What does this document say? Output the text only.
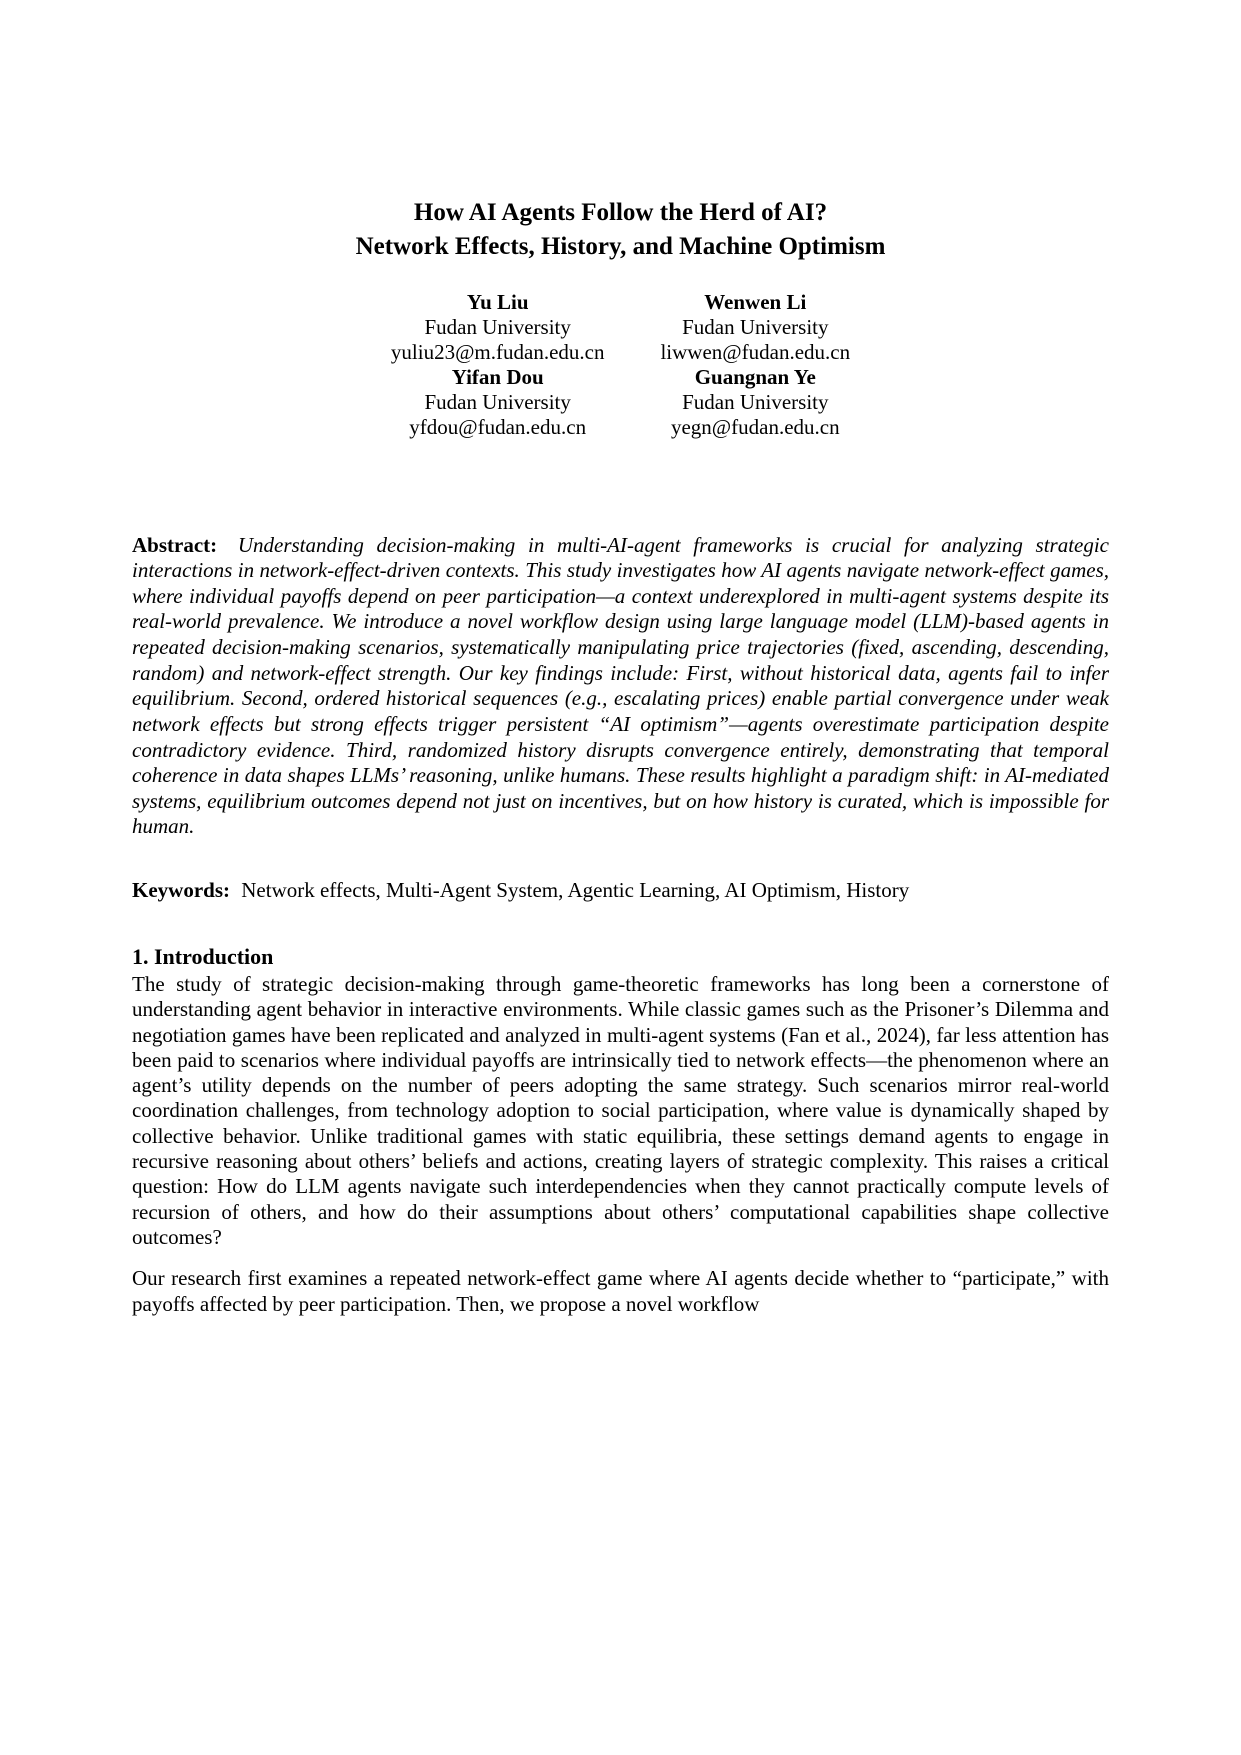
How AI Agents Follow the Herd of AI?
Network Effects, History, and Machine Optimism
Yu Liu
Fudan University
yuliu23@m.fudan.edu.cn
Yifan Dou
Fudan University
yfdou@fudan.edu.cn
Wenwen Li
Fudan University
liwwen@fudan.edu.cn
Guangnan Ye
Fudan University
yegn@fudan.edu.cn

Abstract: Understanding decision-making in multi-AI-agent frameworks is crucial for analyzing strategic interactions in network-effect-driven contexts. This study investigates how AI agents navigate network-effect games, where individual payoffs depend on peer participation—a context underexplored in multi-agent systems despite its real-world prevalence. We introduce a novel workflow design using large language model (LLM)-based agents in repeated decision-making scenarios, systematically manipulating price trajectories (fixed, ascending, descending, random) and network-effect strength. Our key findings include: First, without historical data, agents fail to infer equilibrium. Second, ordered historical sequences (e.g., escalating prices) enable partial convergence under weak network effects but strong effects trigger persistent “AI optimism”—agents overestimate participation despite contradictory evidence. Third, randomized history disrupts convergence entirely, demonstrating that temporal coherence in data shapes LLMs’ reasoning, unlike humans. These results highlight a paradigm shift: in AI-mediated systems, equilibrium outcomes depend not just on incentives, but on how history is curated, which is impossible for human.

Keywords: Network effects, Multi-Agent System, Agentic Learning, AI Optimism, History

1. Introduction

The study of strategic decision-making through game-theoretic frameworks has long been a cornerstone of understanding agent behavior in interactive environments. While classic games such as the Prisoner’s Dilemma and negotiation games have been replicated and analyzed in multi-agent systems (Fan et al., 2024), far less attention has been paid to scenarios where individual payoffs are intrinsically tied to network effects—the phenomenon where an agent’s utility depends on the number of peers adopting the same strategy. Such scenarios mirror real-world coordination challenges, from technology adoption to social participation, where value is dynamically shaped by collective behavior. Unlike traditional games with static equilibria, these settings demand agents to engage in recursive reasoning about others’ beliefs and actions, creating layers of strategic complexity. This raises a critical question: How do LLM agents navigate such interdependencies when they cannot practically compute levels of recursion of others, and how do their assumptions about others’ computational capabilities shape collective outcomes?

Our research first examines a repeated network-effect game where AI agents decide whether to “participate,” with payoffs affected by peer participation. Then, we propose a novel workflow
